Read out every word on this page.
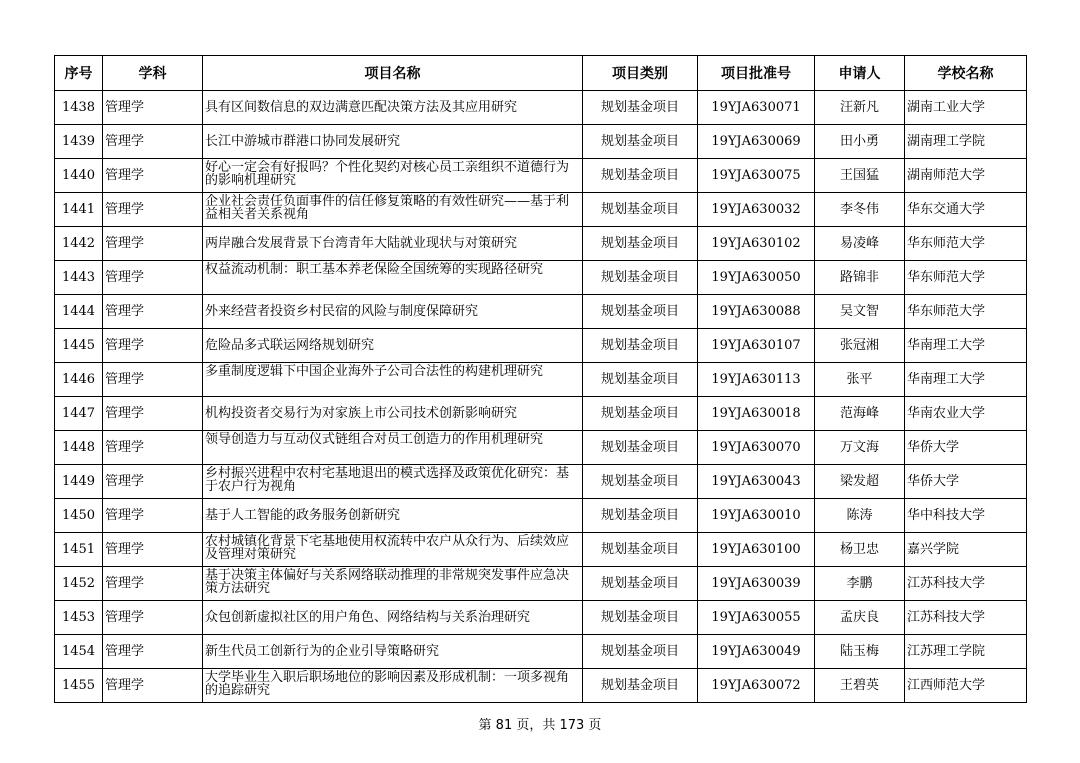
序号	学科	项目名称	项目类别	项目批准号	申请人	学校名称
1438	管理学	具有区间数信息的双边满意匹配决策方法及其应用研究	规划基金项目	19YJA630071	汪新凡	湖南工业大学
1439	管理学	长江中游城市群港口协同发展研究	规划基金项目	19YJA630069	田小勇	湖南理工学院
1440	管理学	好心一定会有好报吗？个性化契约对核心员工亲组织不道德行为的影响机理研究	规划基金项目	19YJA630075	王国猛	湖南师范大学
1441	管理学	企业社会责任负面事件的信任修复策略的有效性研究——基于利益相关者关系视角	规划基金项目	19YJA630032	李冬伟	华东交通大学
1442	管理学	两岸融合发展背景下台湾青年大陆就业现状与对策研究	规划基金项目	19YJA630102	易凌峰	华东师范大学
1443	管理学	权益流动机制：职工基本养老保险全国统筹的实现路径研究	规划基金项目	19YJA630050	路锦非	华东师范大学
1444	管理学	外来经营者投资乡村民宿的风险与制度保障研究	规划基金项目	19YJA630088	吴文智	华东师范大学
1445	管理学	危险品多式联运网络规划研究	规划基金项目	19YJA630107	张冠湘	华南理工大学
1446	管理学	多重制度逻辑下中国企业海外子公司合法性的构建机理研究	规划基金项目	19YJA630113	张平	华南理工大学
1447	管理学	机构投资者交易行为对家族上市公司技术创新影响研究	规划基金项目	19YJA630018	范海峰	华南农业大学
1448	管理学	领导创造力与互动仪式链组合对员工创造力的作用机理研究	规划基金项目	19YJA630070	万文海	华侨大学
1449	管理学	乡村振兴进程中农村宅基地退出的模式选择及政策优化研究：基于农户行为视角	规划基金项目	19YJA630043	梁发超	华侨大学
1450	管理学	基于人工智能的政务服务创新研究	规划基金项目	19YJA630010	陈涛	华中科技大学
1451	管理学	农村城镇化背景下宅基地使用权流转中农户从众行为、后续效应及管理对策研究	规划基金项目	19YJA630100	杨卫忠	嘉兴学院
1452	管理学	基于决策主体偏好与关系网络联动推理的非常规突发事件应急决策方法研究	规划基金项目	19YJA630039	李鹏	江苏科技大学
1453	管理学	众包创新虚拟社区的用户角色、网络结构与关系治理研究	规划基金项目	19YJA630055	孟庆良	江苏科技大学
1454	管理学	新生代员工创新行为的企业引导策略研究	规划基金项目	19YJA630049	陆玉梅	江苏理工学院
1455	管理学	大学毕业生入职后职场地位的影响因素及形成机制：一项多视角的追踪研究	规划基金项目	19YJA630072	王碧英	江西师范大学
第 81 页，共 173 页
